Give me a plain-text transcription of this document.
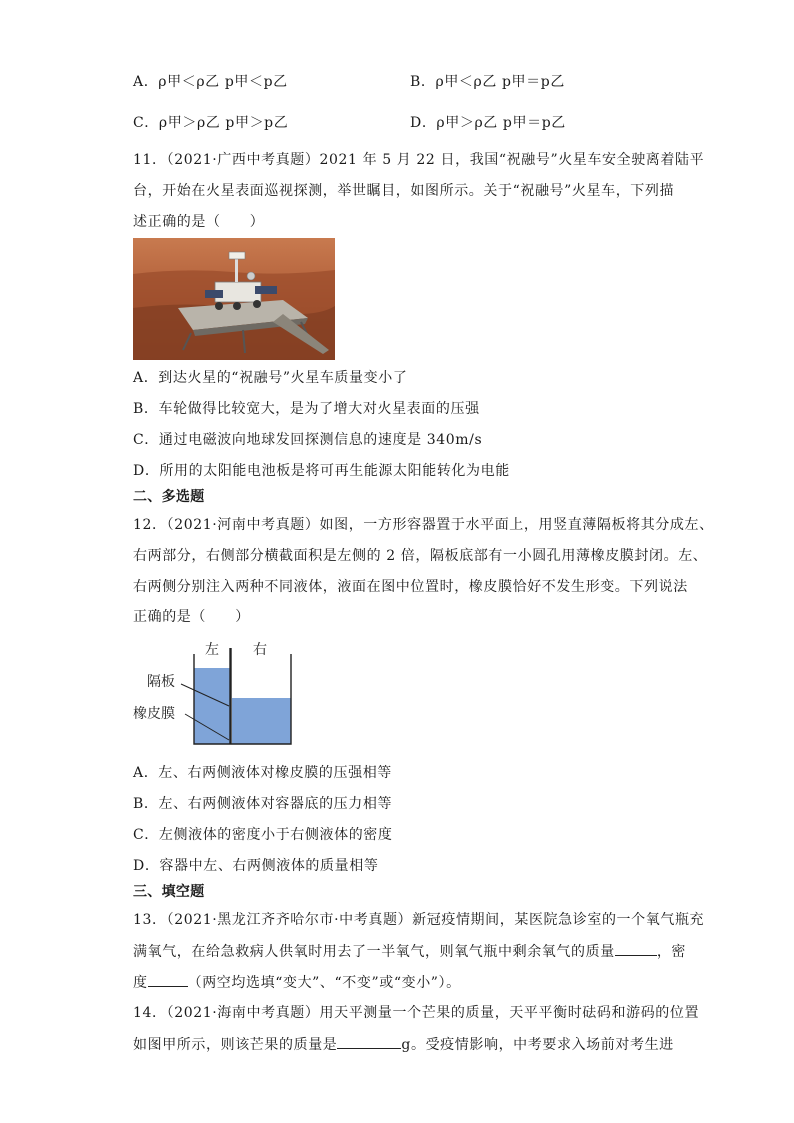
A．ρ甲＜ρ乙 p甲＜p乙	B．ρ甲＜ρ乙 p甲＝p乙
C．ρ甲＞ρ乙 p甲＞p乙	D．ρ甲＞ρ乙 p甲＝p乙
11．（2021·广西中考真题）2021 年 5 月 22 日，我国“祝融号”火星车安全驶离着陆平
台，开始在火星表面巡视探测，举世瞩目，如图所示。关于“祝融号”火星车，下列描
述正确的是（　　）
A．到达火星的“祝融号”火星车质量变小了
B．车轮做得比较宽大，是为了增大对火星表面的压强
C．通过电磁波向地球发回探测信息的速度是 340m/s
D．所用的太阳能电池板是将可再生能源太阳能转化为电能
二、多选题
12．（2021·河南中考真题）如图，一方形容器置于水平面上，用竖直薄隔板将其分成左、
右两部分，右侧部分横截面积是左侧的 2 倍，隔板底部有一小圆孔用薄橡皮膜封闭。左、
右两侧分别注入两种不同液体，液面在图中位置时，橡皮膜恰好不发生形变。下列说法
正确的是（　　）
左 右
隔板
橡皮膜
A．左、右两侧液体对橡皮膜的压强相等
B．左、右两侧液体对容器底的压力相等
C．左侧液体的密度小于右侧液体的密度
D．容器中左、右两侧液体的质量相等
三、填空题
13．（2021·黑龙江齐齐哈尔市·中考真题）新冠疫情期间，某医院急诊室的一个氧气瓶充
满氧气，在给急救病人供氧时用去了一半氧气，则氧气瓶中剩余氧气的质量	，密
度	（两空均选填“变大”、“不变”或“变小”）。
14．（2021·海南中考真题）用天平测量一个芒果的质量，天平平衡时砝码和游码的位置
如图甲所示，则该芒果的质量是	g。受疫情影响，中考要求入场前对考生进
